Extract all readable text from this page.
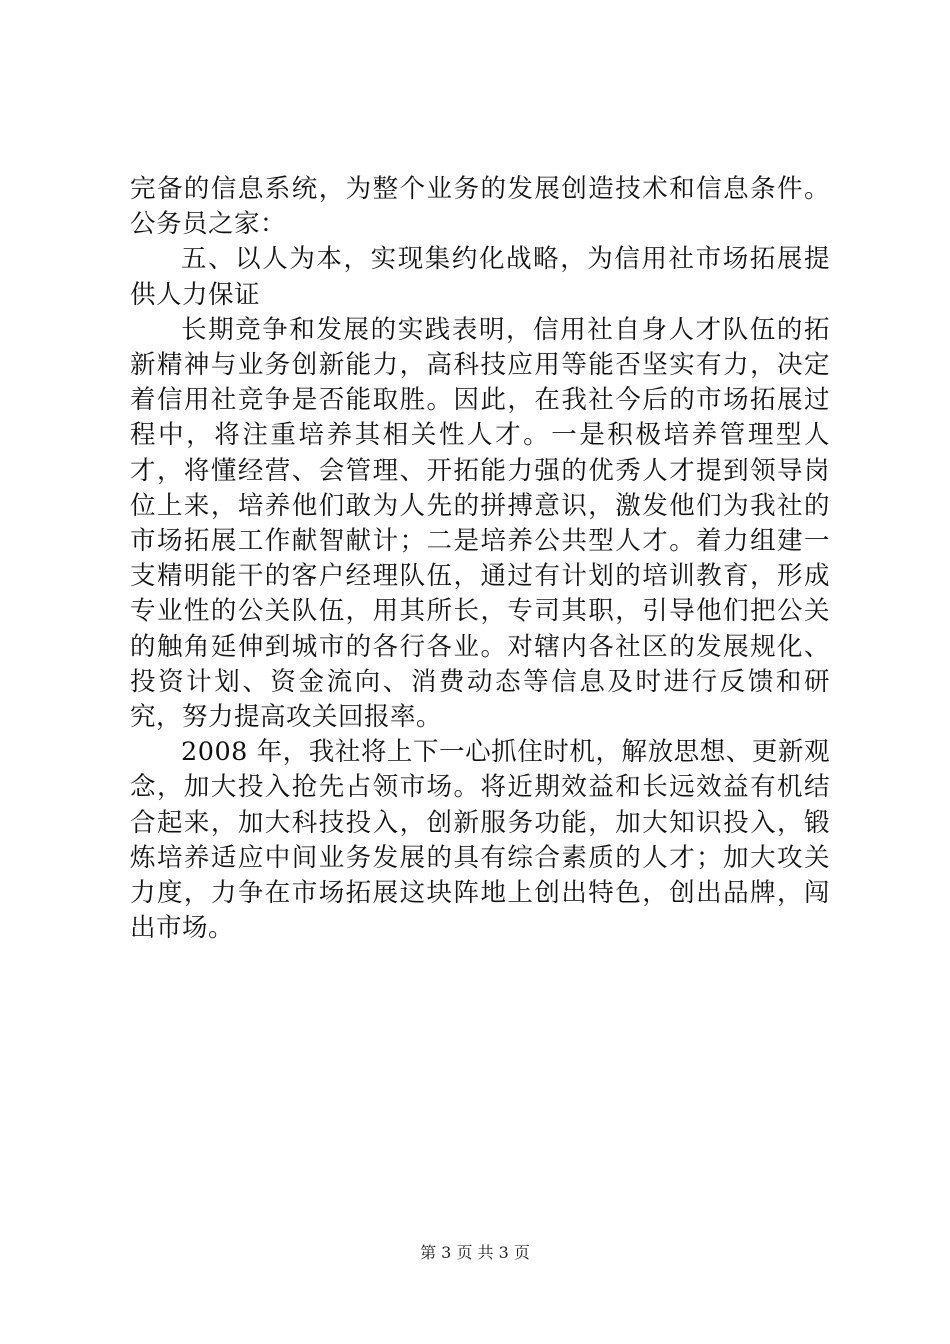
完备的信息系统，为整个业务的发展创造技术和信息条件。公务员之家：

五、以人为本，实现集约化战略，为信用社市场拓展提供人力保证

长期竞争和发展的实践表明，信用社自身人才队伍的拓新精神与业务创新能力，高科技应用等能否坚实有力，决定着信用社竞争是否能取胜。因此，在我社今后的市场拓展过程中，将注重培养其相关性人才。一是积极培养管理型人才，将懂经营、会管理、开拓能力强的优秀人才提到领导岗位上来，培养他们敢为人先的拼搏意识，激发他们为我社的市场拓展工作献智献计；二是培养公共型人才。着力组建一支精明能干的客户经理队伍，通过有计划的培训教育，形成专业性的公关队伍，用其所长，专司其职，引导他们把公关的触角延伸到城市的各行各业。对辖内各社区的发展规化、投资计划、资金流向、消费动态等信息及时进行反馈和研究，努力提高攻关回报率。

2008 年，我社将上下一心抓住时机，解放思想、更新观念，加大投入抢先占领市场。将近期效益和长远效益有机结合起来，加大科技投入，创新服务功能，加大知识投入，锻炼培养适应中间业务发展的具有综合素质的人才；加大攻关力度，力争在市场拓展这块阵地上创出特色，创出品牌，闯出市场。

第 3 页 共 3 页
